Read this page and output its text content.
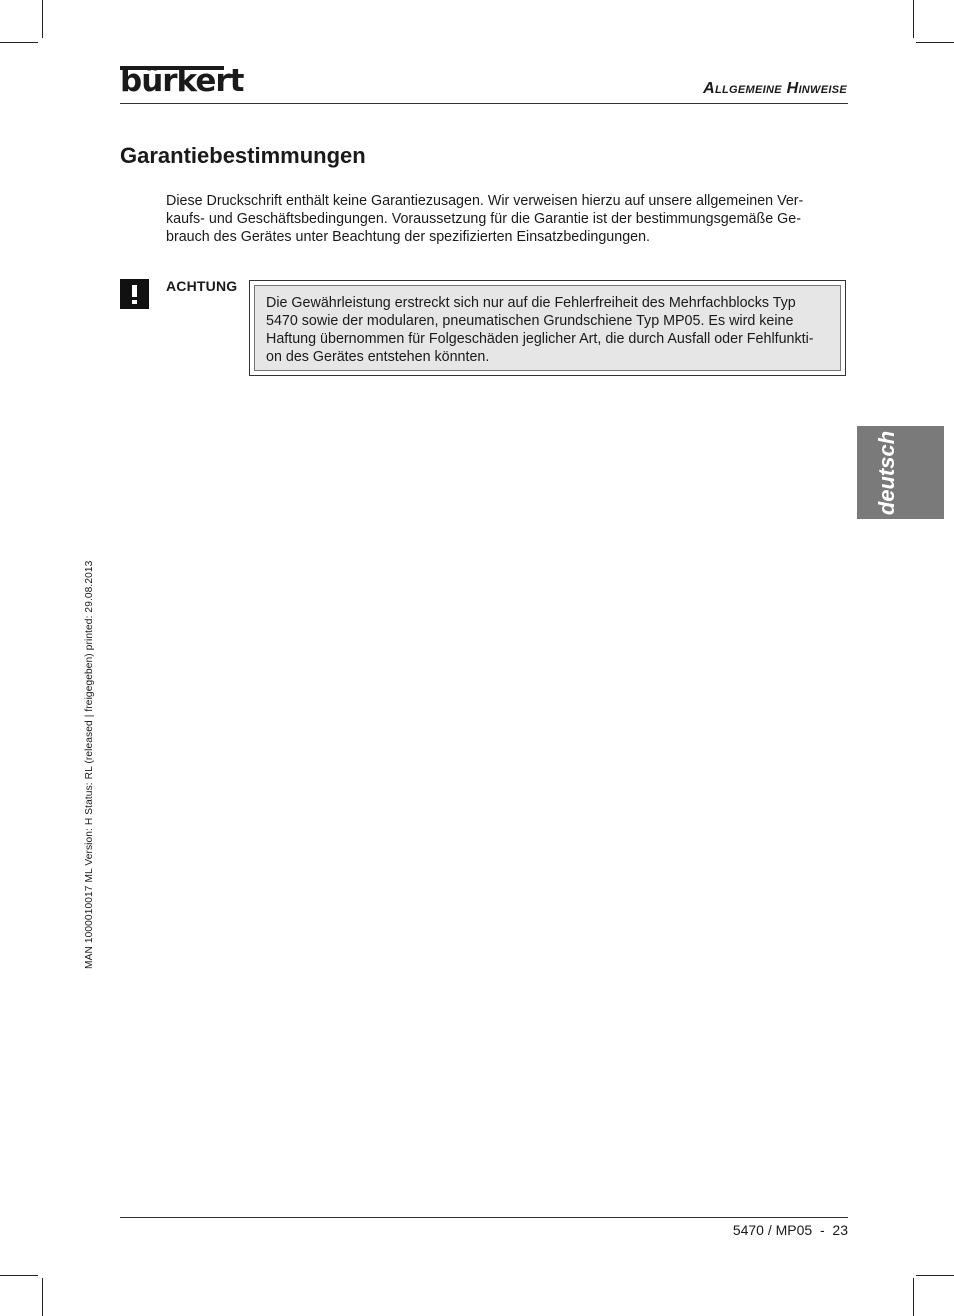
bürkert	Allgemeine Hinweise
Garantiebestimmungen

Diese Druckschrift enthält keine Garantiezusagen. Wir verweisen hierzu auf unsere allgemeinen Ver-
kaufs- und Geschäftsbedingungen. Voraussetzung für die Garantie ist der bestimmungsgemäße Ge-
brauch des Gerätes unter Beachtung der spezifizierten Einsatzbedingungen.

ACHTUNG

Die Gewährleistung erstreckt sich nur auf die Fehlerfreiheit des Mehrfachblocks Typ
5470 sowie der modularen, pneumatischen Grundschiene Typ MP05. Es wird keine
Haftung übernommen für Folgeschäden jeglicher Art, die durch Ausfall oder Fehlfunkti-
on des Gerätes entstehen könnten.

deutsch
MAN 1000010017 ML Version: H Status: RL (released | freigegeben) printed: 29.08.2013
5470 / MP05  -  23
